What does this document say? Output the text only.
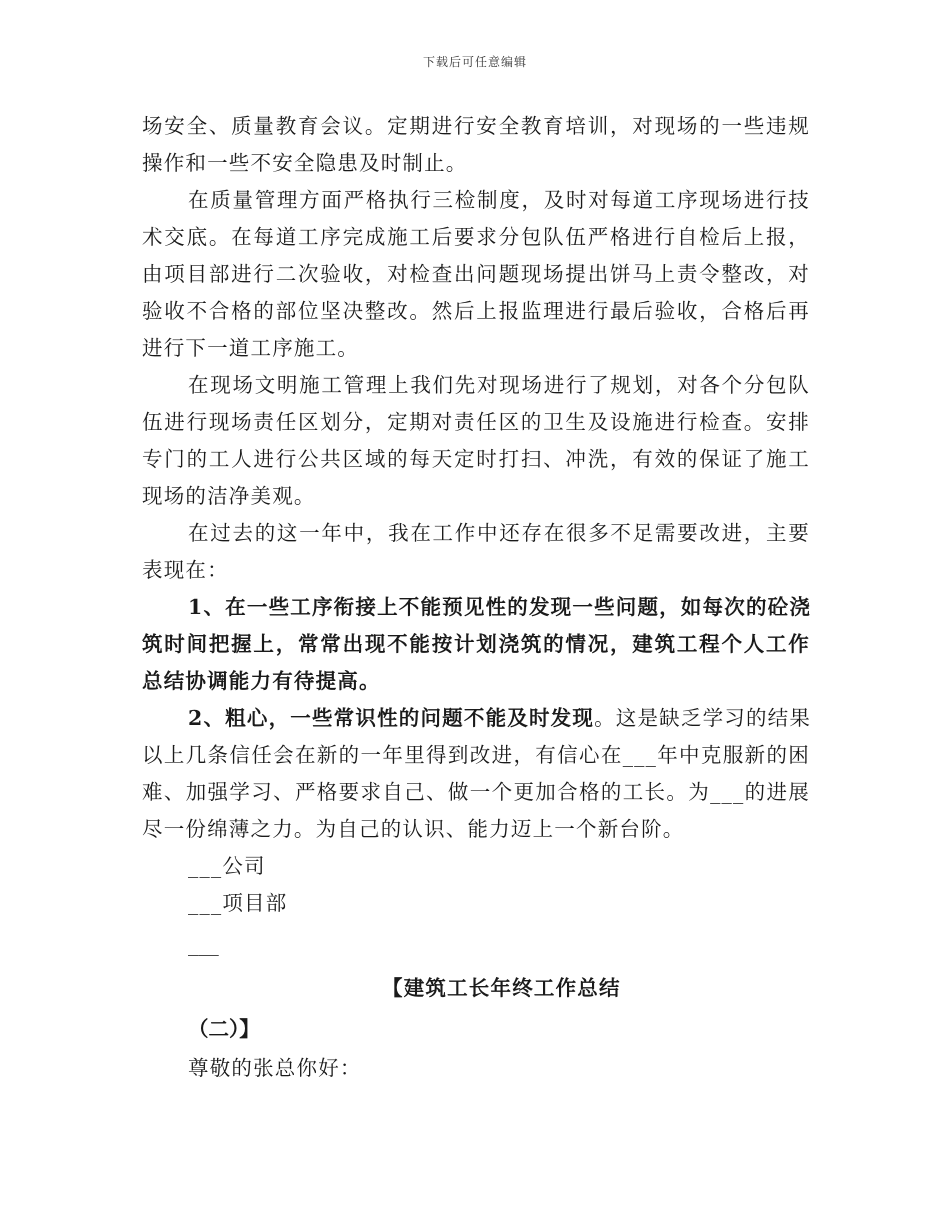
下载后可任意编辑
场安全、质量教育会议。定期进行安全教育培训，对现场的一些违规
操作和一些不安全隐患及时制止。
在质量管理方面严格执行三检制度，及时对每道工序现场进行技
术交底。在每道工序完成施工后要求分包队伍严格进行自检后上报，
由项目部进行二次验收，对检查出问题现场提出饼马上责令整改，对
验收不合格的部位坚决整改。然后上报监理进行最后验收，合格后再
进行下一道工序施工。
在现场文明施工管理上我们先对现场进行了规划，对各个分包队
伍进行现场责任区划分，定期对责任区的卫生及设施进行检查。安排
专门的工人进行公共区域的每天定时打扫、冲洗，有效的保证了施工
现场的洁净美观。
在过去的这一年中，我在工作中还存在很多不足需要改进，主要
表现在：
1、在一些工序衔接上不能预见性的发现一些问题，如每次的砼浇
筑时间把握上，常常出现不能按计划浇筑的情况，建筑工程个人工作
总结协调能力有待提高。
2、粗心，一些常识性的问题不能及时发现。这是缺乏学习的结果
以上几条信任会在新的一年里得到改进，有信心在___年中克服新的困
难、加强学习、严格要求自己、做一个更加合格的工长。为___的进展
尽一份绵薄之力。为自己的认识、能力迈上一个新台阶。
___公司
___项目部
___
【建筑工长年终工作总结
（二）】
尊敬的张总你好：
